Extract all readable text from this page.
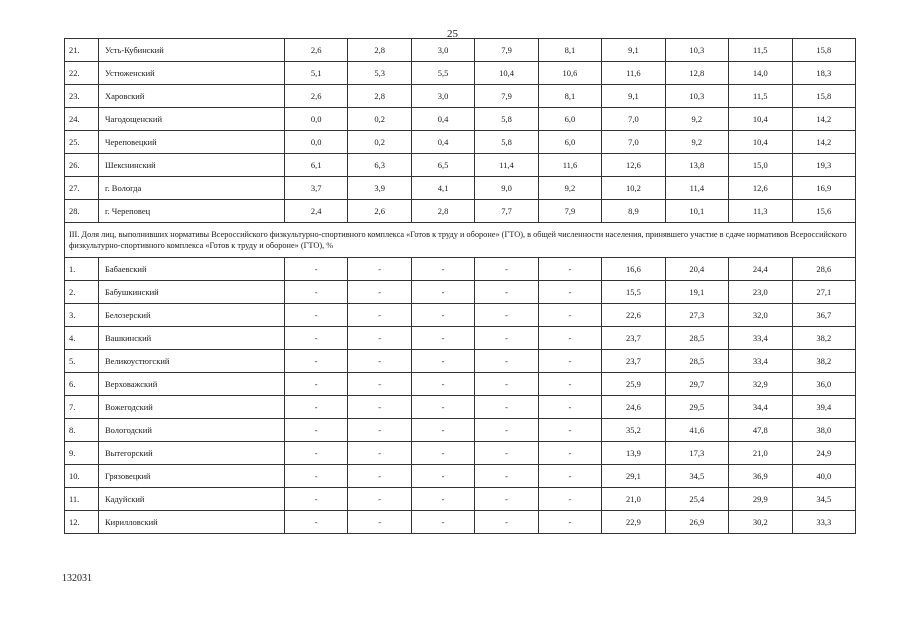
25
21.	Усть-Кубинский	2,6	2,8	3,0	7,9	8,1	9,1	10,3	11,5	15,8
22.	Устюженский	5,1	5,3	5,5	10,4	10,6	11,6	12,8	14,0	18,3
23.	Харовский	2,6	2,8	3,0	7,9	8,1	9,1	10,3	11,5	15,8
24.	Чагодощенский	0,0	0,2	0,4	5,8	6,0	7,0	9,2	10,4	14,2
25.	Череповецкий	0,0	0,2	0,4	5,8	6,0	7,0	9,2	10,4	14,2
26.	Шекснинский	6,1	6,3	6,5	11,4	11,6	12,6	13,8	15,0	19,3
27.	г. Вологда	3,7	3,9	4,1	9,0	9,2	10,2	11,4	12,6	16,9
28.	г. Череповец	2,4	2,6	2,8	7,7	7,9	8,9	10,1	11,3	15,6
III. Доля лиц, выполнивших нормативы Всероссийского физкультурно-спортивного комплекса «Готов к труду и обороне» (ГТО), в общей численности населения, принявшего участие в сдаче нормативов Всероссийского физкультурно-спортивного комплекса «Готов к труду и обороне» (ГТО), %										
1.	Бабаевский	-	-	-	-	-	16,6	20,4	24,4	28,6
2.	Бабушкинский	-	-	-	-	-	15,5	19,1	23,0	27,1
3.	Белозерский	-	-	-	-	-	22,6	27,3	32,0	36,7
4.	Вашкинский	-	-	-	-	-	23,7	28,5	33,4	38,2
5.	Великоустюгский	-	-	-	-	-	23,7	28,5	33,4	38,2
6.	Верховажский	-	-	-	-	-	25,9	29,7	32,9	36,0
7.	Вожегодский	-	-	-	-	-	24,6	29,5	34,4	39,4
8.	Вологодский	-	-	-	-	-	35,2	41,6	47,8	38,0
9.	Вытегорский	-	-	-	-	-	13,9	17,3	21,0	24,9
10.	Грязовецкий	-	-	-	-	-	29,1	34,5	36,9	40,0
11.	Кадуйский	-	-	-	-	-	21,0	25,4	29,9	34,5
12.	Кирилловский	-	-	-	-	-	22,9	26,9	30,2	33,3
132031
